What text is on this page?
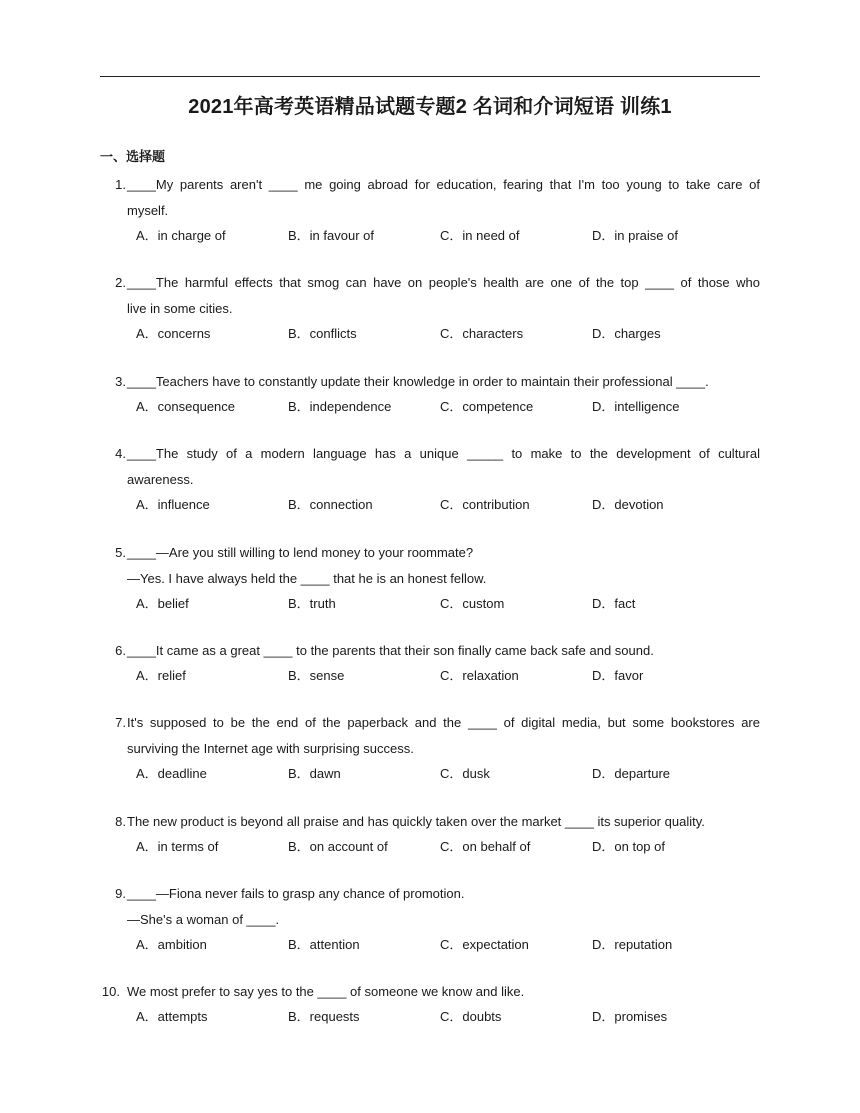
2021年高考英语精品试题专题2 名词和介词短语 训练1
一、选择题
1. ____My parents aren't ____ me going abroad for education, fearing that I'm too young to take care of
myself.
A．in charge of	B．in favour of	C．in need of	D．in praise of
2. ____The harmful effects that smog can have on people's health are one of the top ____ of those who
live in some cities.
A．concerns	B．conflicts	C．characters	D．charges
3. ____Teachers have to constantly update their knowledge in order to maintain their professional ____.
A．consequence	B．independence	C．competence	D．intelligence
4. ____The study of a modern language has a unique _____ to make to the development of cultural
awareness.
A．influence	B．connection	C．contribution	D．devotion
5. ____—Are you still willing to lend money to your roommate?
—Yes. I have always held the ____ that he is an honest fellow.
A．belief	B．truth	C．custom	D．fact
6. ____It came as a great ____ to the parents that their son finally came back safe and sound.
A．relief	B．sense	C．relaxation	D．favor
7. It's supposed to be the end of the paperback and the ____ of digital media, but some bookstores are
surviving the Internet age with surprising success.
A．deadline	B．dawn	C．dusk	D．departure
8. The new product is beyond all praise and has quickly taken over the market ____ its superior quality.
A．in terms of	B．on account of	C．on behalf of	D．on top of
9. ____—Fiona never fails to grasp any chance of promotion.
—She's a woman of ____.
A．ambition	B．attention	C．expectation	D．reputation
10. We most prefer to say yes to the ____ of someone we know and like.
A．attempts	B．requests	C．doubts	D．promises
